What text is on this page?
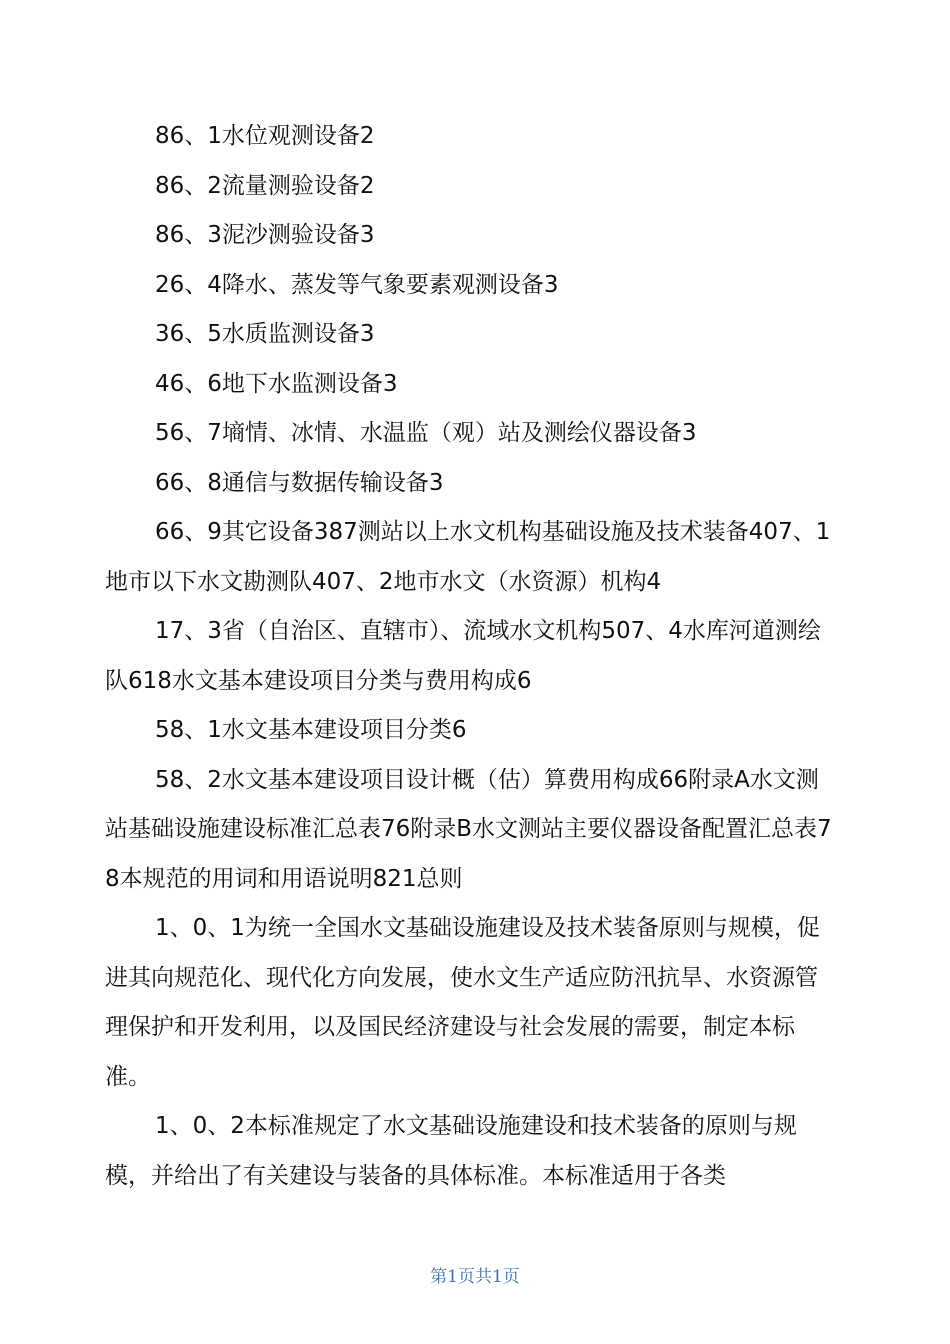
86、1水位观测设备2

86、2流量测验设备2

86、3泥沙测验设备3

26、4降水、蒸发等气象要素观测设备3

36、5水质监测设备3

46、6地下水监测设备3

56、7墒情、冰情、水温监（观）站及测绘仪器设备3

66、8通信与数据传输设备3

66、9其它设备387测站以上水文机构基础设施及技术装备407、1地市以下水文勘测队407、2地市水文（水资源）机构4

17、3省（自治区、直辖市）、流域水文机构507、4水库河道测绘队618水文基本建设项目分类与费用构成6

58、1水文基本建设项目分类6

58、2水文基本建设项目设计概（估）算费用构成66附录A水文测站基础设施建设标准汇总表76附录B水文测站主要仪器设备配置汇总表78本规范的用词和用语说明821总则

1、0、1为统一全国水文基础设施建设及技术装备原则与规模，促进其向规范化、现代化方向发展，使水文生产适应防汛抗旱、水资源管理保护和开发利用，以及国民经济建设与社会发展的需要，制定本标准。

1、0、2本标准规定了水文基础设施建设和技术装备的原则与规模，并给出了有关建设与装备的具体标准。本标准适用于各类

第1页共1页
